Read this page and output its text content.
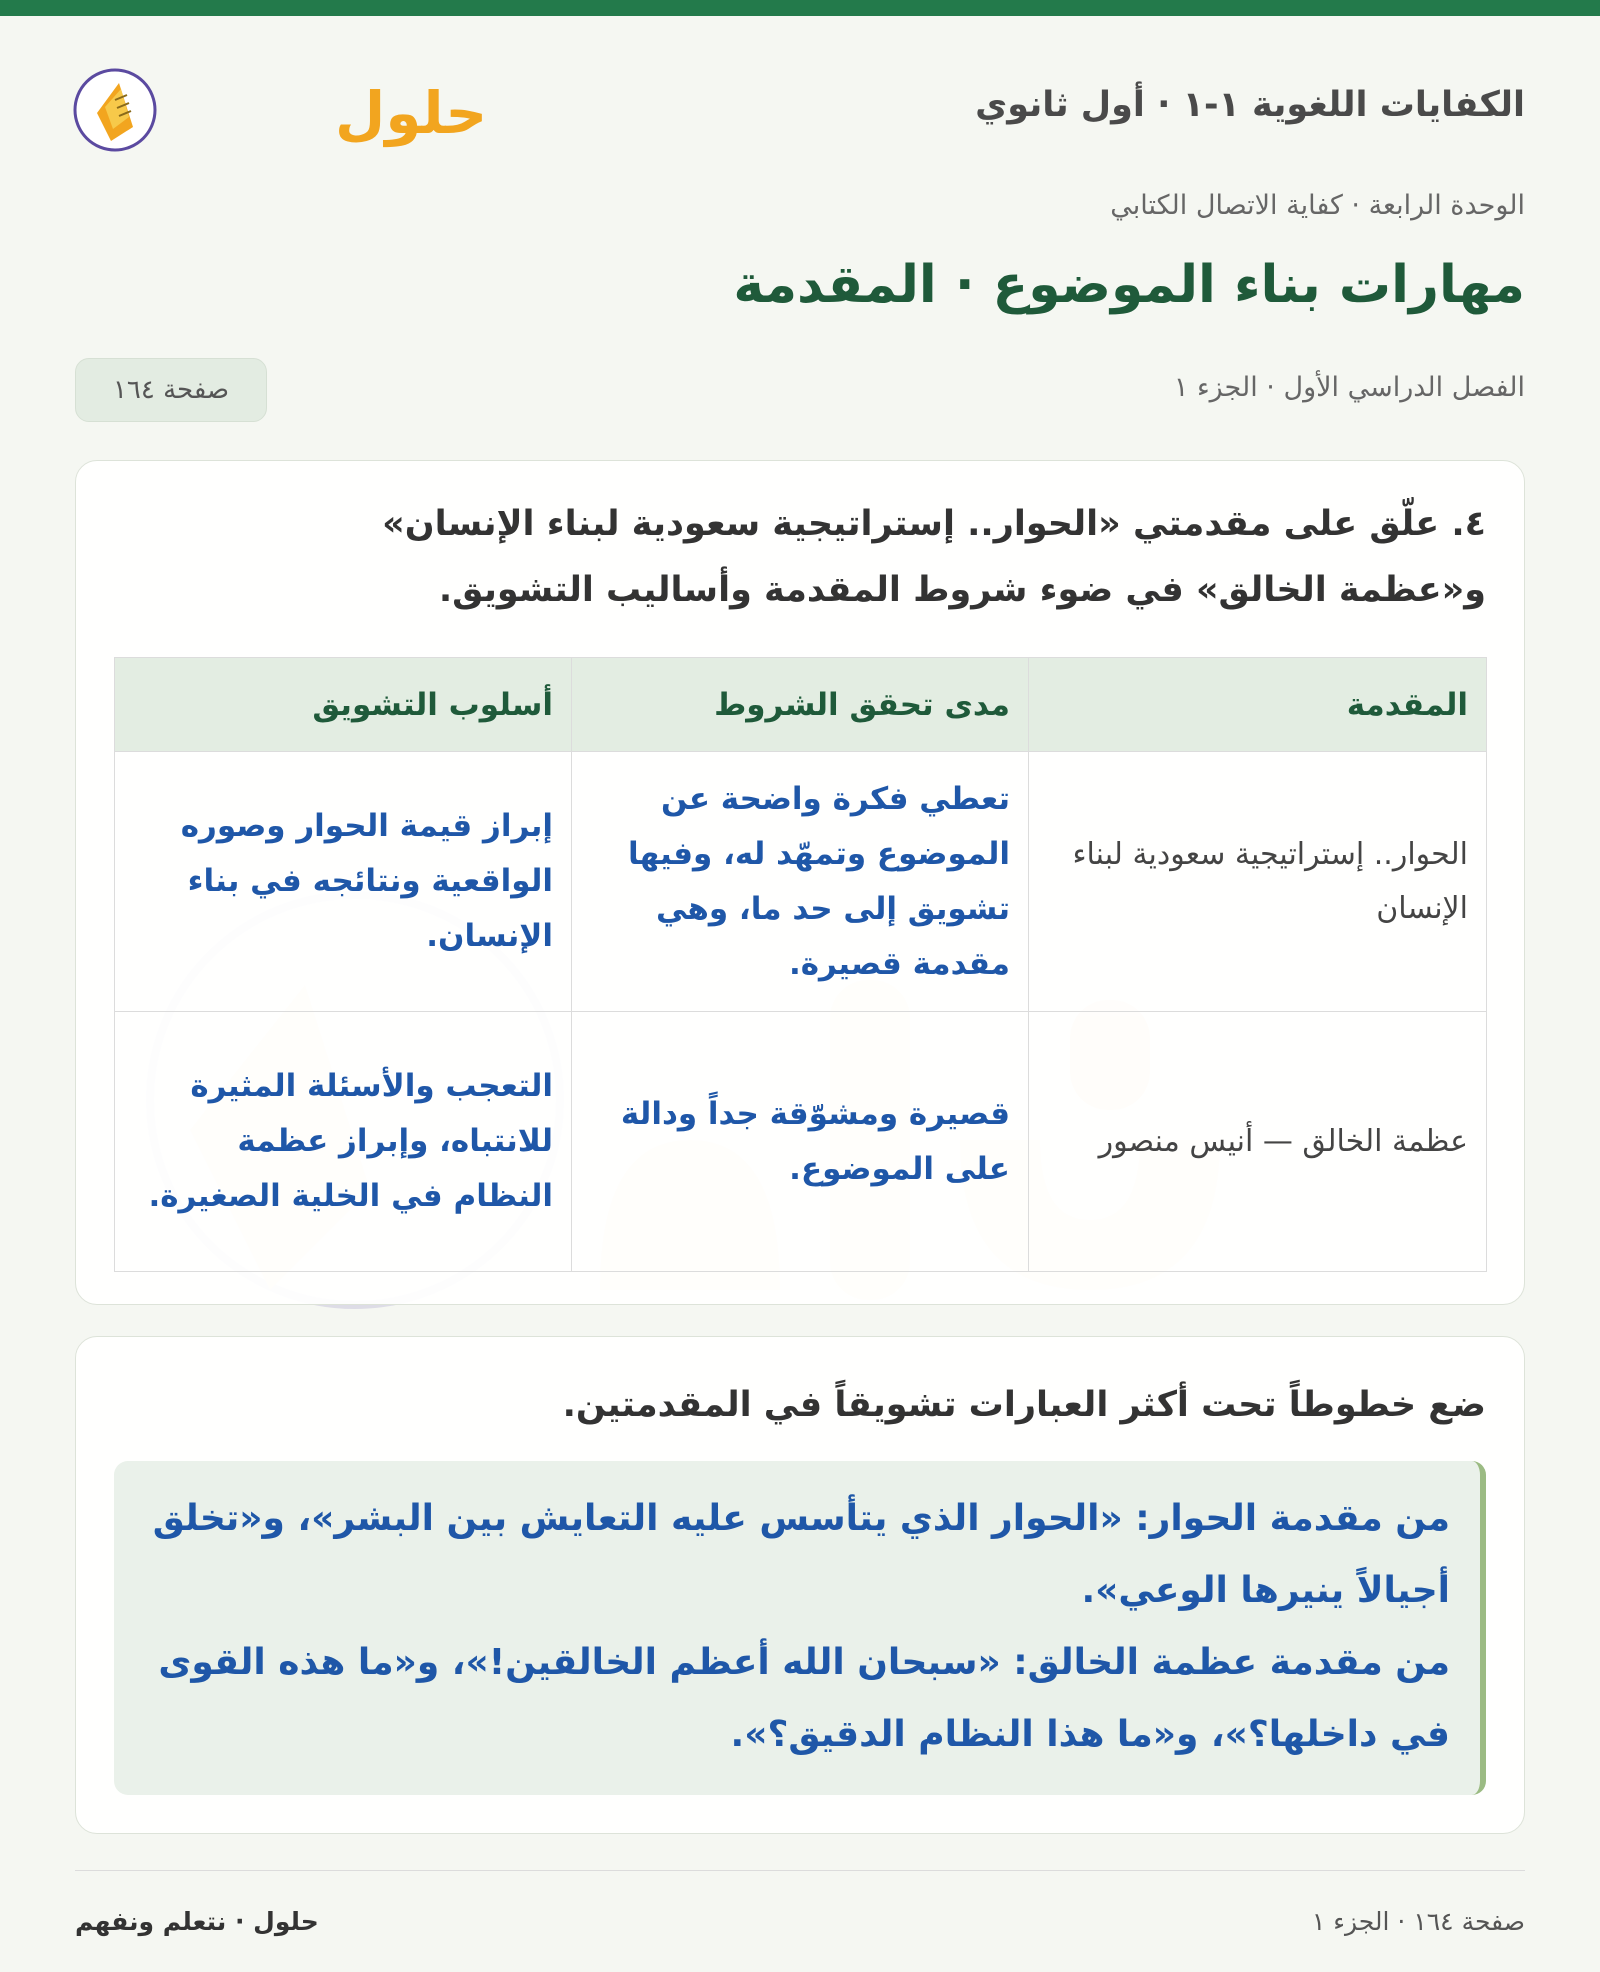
حلول	الكفايات اللغوية ١-١ · أول ثانوي
الوحدة الرابعة · كفاية الاتصال الكتابي
مهارات بناء الموضوع · المقدمة
الفصل الدراسي الأول · الجزء ١
صفحة ١٦٤
٤. علّق على مقدمتي «الحوار.. إستراتيجية سعودية لبناء الإنسان»
و«عظمة الخالق» في ضوء شروط المقدمة وأساليب التشويق.
المقدمة	مدى تحقق الشروط	أسلوب التشويق
الحوار.. إستراتيجية سعودية لبناء الإنسان	تعطي فكرة واضحة عن الموضوع وتمهّد له، وفيها تشويق إلى حد ما، وهي مقدمة قصيرة.	إبراز قيمة الحوار وصوره الواقعية ونتائجه في بناء الإنسان.
عظمة الخالق — أنيس منصور	قصيرة ومشوّقة جداً ودالة على الموضوع.	التعجب والأسئلة المثيرة للانتباه، وإبراز عظمة النظام في الخلية الصغيرة.
ضع خطوطاً تحت أكثر العبارات تشويقاً في المقدمتين.
من مقدمة الحوار: «الحوار الذي يتأسس عليه التعايش بين البشر»، و«تخلق أجيالاً ينيرها الوعي».
من مقدمة عظمة الخالق: «سبحان الله أعظم الخالقين!»، و«ما هذه القوى في داخلها؟»، و«ما هذا النظام الدقيق؟».
حلول · نتعلم ونفهم	صفحة ١٦٤ · الجزء ١
